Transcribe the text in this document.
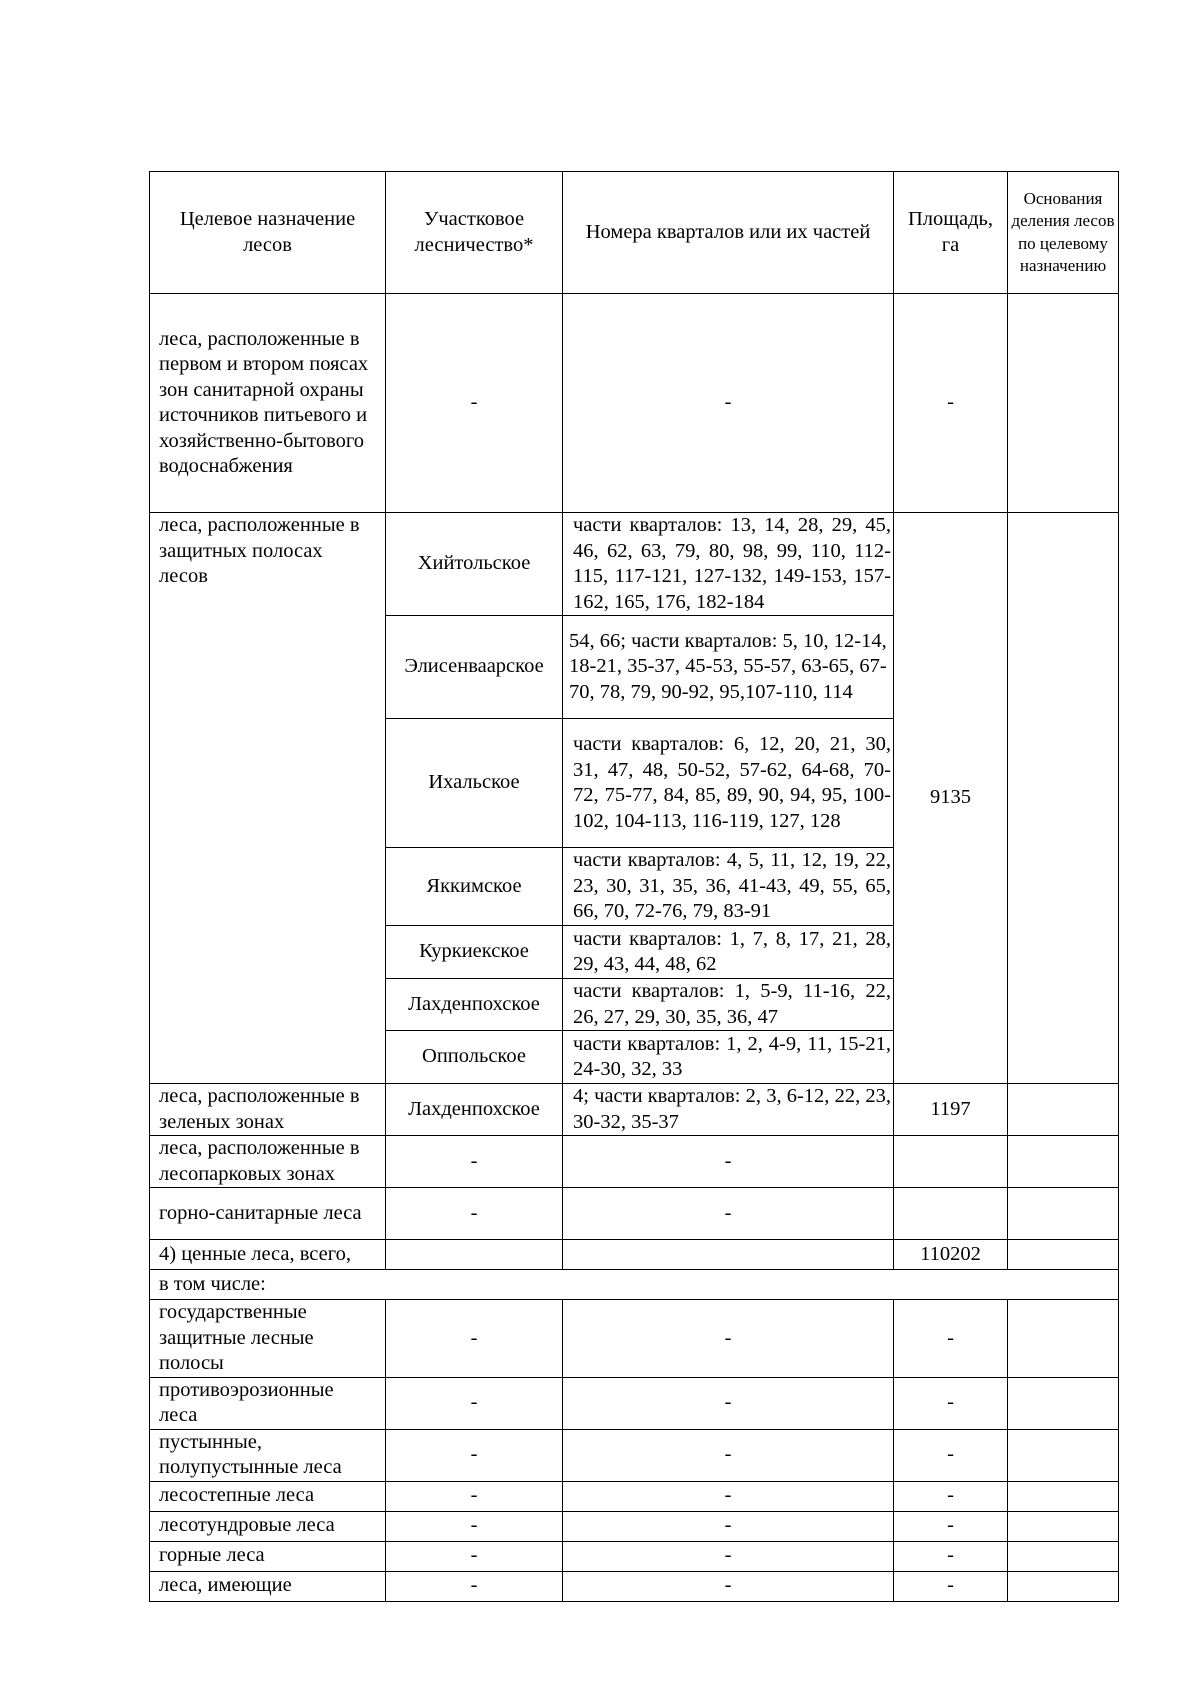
Целевое назначение лесов	Участковое лесничество*	Номера кварталов или их частей	Площадь, га	Основания деления лесов по целевому назначению
леса, расположенные в первом и втором поясах зон санитарной охраны источников питьевого и хозяйственно-бытового водоснабжения	-	-	-	
леса, расположенные в защитных полосах лесов	Хийтольское	части кварталов: 13, 14, 28, 29, 45, 46, 62, 63, 79, 80, 98, 99, 110, 112-115, 117-121, 127-132, 149-153, 157-162, 165, 176, 182-184	9135	
	Элисенваарское	54, 66; части кварталов: 5, 10, 12-14, 18-21, 35-37, 45-53, 55-57, 63-65, 67-70, 78, 79, 90-92, 95,107-110, 114		
	Ихальское	части кварталов: 6, 12, 20, 21, 30, 31, 47, 48, 50-52, 57-62, 64-68, 70-72, 75-77, 84, 85, 89, 90, 94, 95, 100-102, 104-113, 116-119, 127, 128		
	Яккимское	части кварталов: 4, 5, 11, 12, 19, 22, 23, 30, 31, 35, 36, 41-43, 49, 55, 65, 66, 70, 72-76, 79, 83-91		
	Куркиекское	части кварталов: 1, 7, 8, 17, 21, 28, 29, 43, 44, 48, 62		
	Лахденпохское	части кварталов: 1, 5-9, 11-16, 22, 26, 27, 29, 30, 35, 36, 47		
	Оппольское	части кварталов: 1, 2, 4-9, 11, 15-21, 24-30, 32, 33		
леса, расположенные в зеленых зонах	Лахденпохское	4; части кварталов: 2, 3, 6-12, 22, 23, 30-32, 35-37	1197	
леса, расположенные в лесопарковых зонах	-	-		
горно-санитарные леса	-	-		
4) ценные леса, всего,			110202	
в том числе:				
государственные защитные лесные полосы	-	-	-	
противоэрозионные леса	-	-	-	
пустынные, полупустынные леса	-	-	-	
лесостепные леса	-	-	-	
лесотундровые леса	-	-	-	
горные леса	-	-	-	
леса, имеющие	-	-	-	
